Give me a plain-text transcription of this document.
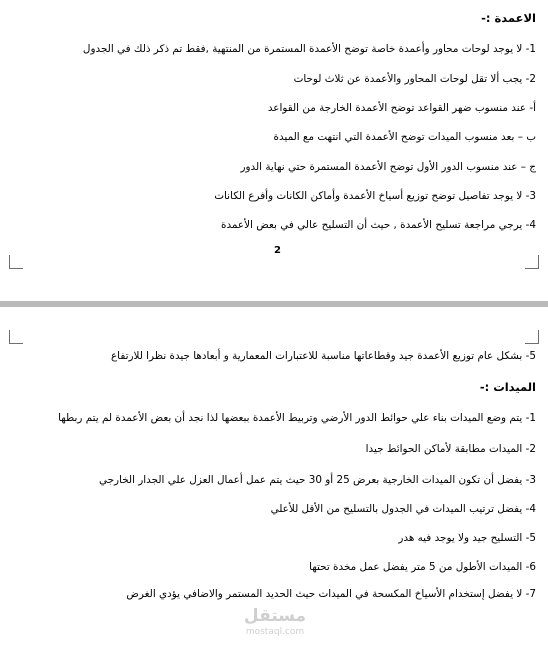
الاعمدة :-
1- لا يوجد لوحات محاور وأعمدة خاصة توضح الأعمدة المستمرة من المنتهية ,فقط تم ذكر ذلك في الجدول
2- يجب ألا تقل لوحات المحاور والأعمدة عن ثلاث لوحات
أ- عند منسوب ضهر القواعد توضح الأعمدة الخارجة من القواعد
ب – بعد منسوب الميدات توضح الأعمدة التي انتهت مع الميدة
ج – عند منسوب الدور الأول توضح الأعمدة المستمرة حتي نهاية الدور
3- لا يوجد تفاصيل توضح توزيع أسياخ الأعمدة وأماكن الكانات وأفرع الكانات
4- يرجي مراجعة تسليح الأعمدة , حيث أن التسليح عالي في بعض الأعمدة
2
5- بشكل عام توزيع الأعمدة جيد وقطاعاتها مناسبة للاعتبارات المعمارية و أبعادها جيدة نظرا للارتفاع
الميدات :-
1- يتم وضع الميدات بناء علي حوائط الدور الأرضي وتربيط الأعمدة ببعضها لذا نجد أن بعض الأعمدة لم يتم ربطها
2- الميدات مطابقة لأماكن الحوائط جيدا
3- يفضل أن تكون الميدات الخارجية بعرض 25 أو 30 حيث يتم عمل أعمال العزل علي الجدار الخارجي
4- يفضل ترتيب الميدات في الجدول بالتسليح من الأقل للأعلي
5- التسليح جيد ولا يوجد فيه هدر
6- الميدات الأطول من 5 متر يفضل عمل مخدة تحتها
7- لا يفضل إستخدام الأسياخ المكسحة في الميدات حيث الحديد المستمر والاضافي يؤدي الغرض
مستقل
mostaql.com
